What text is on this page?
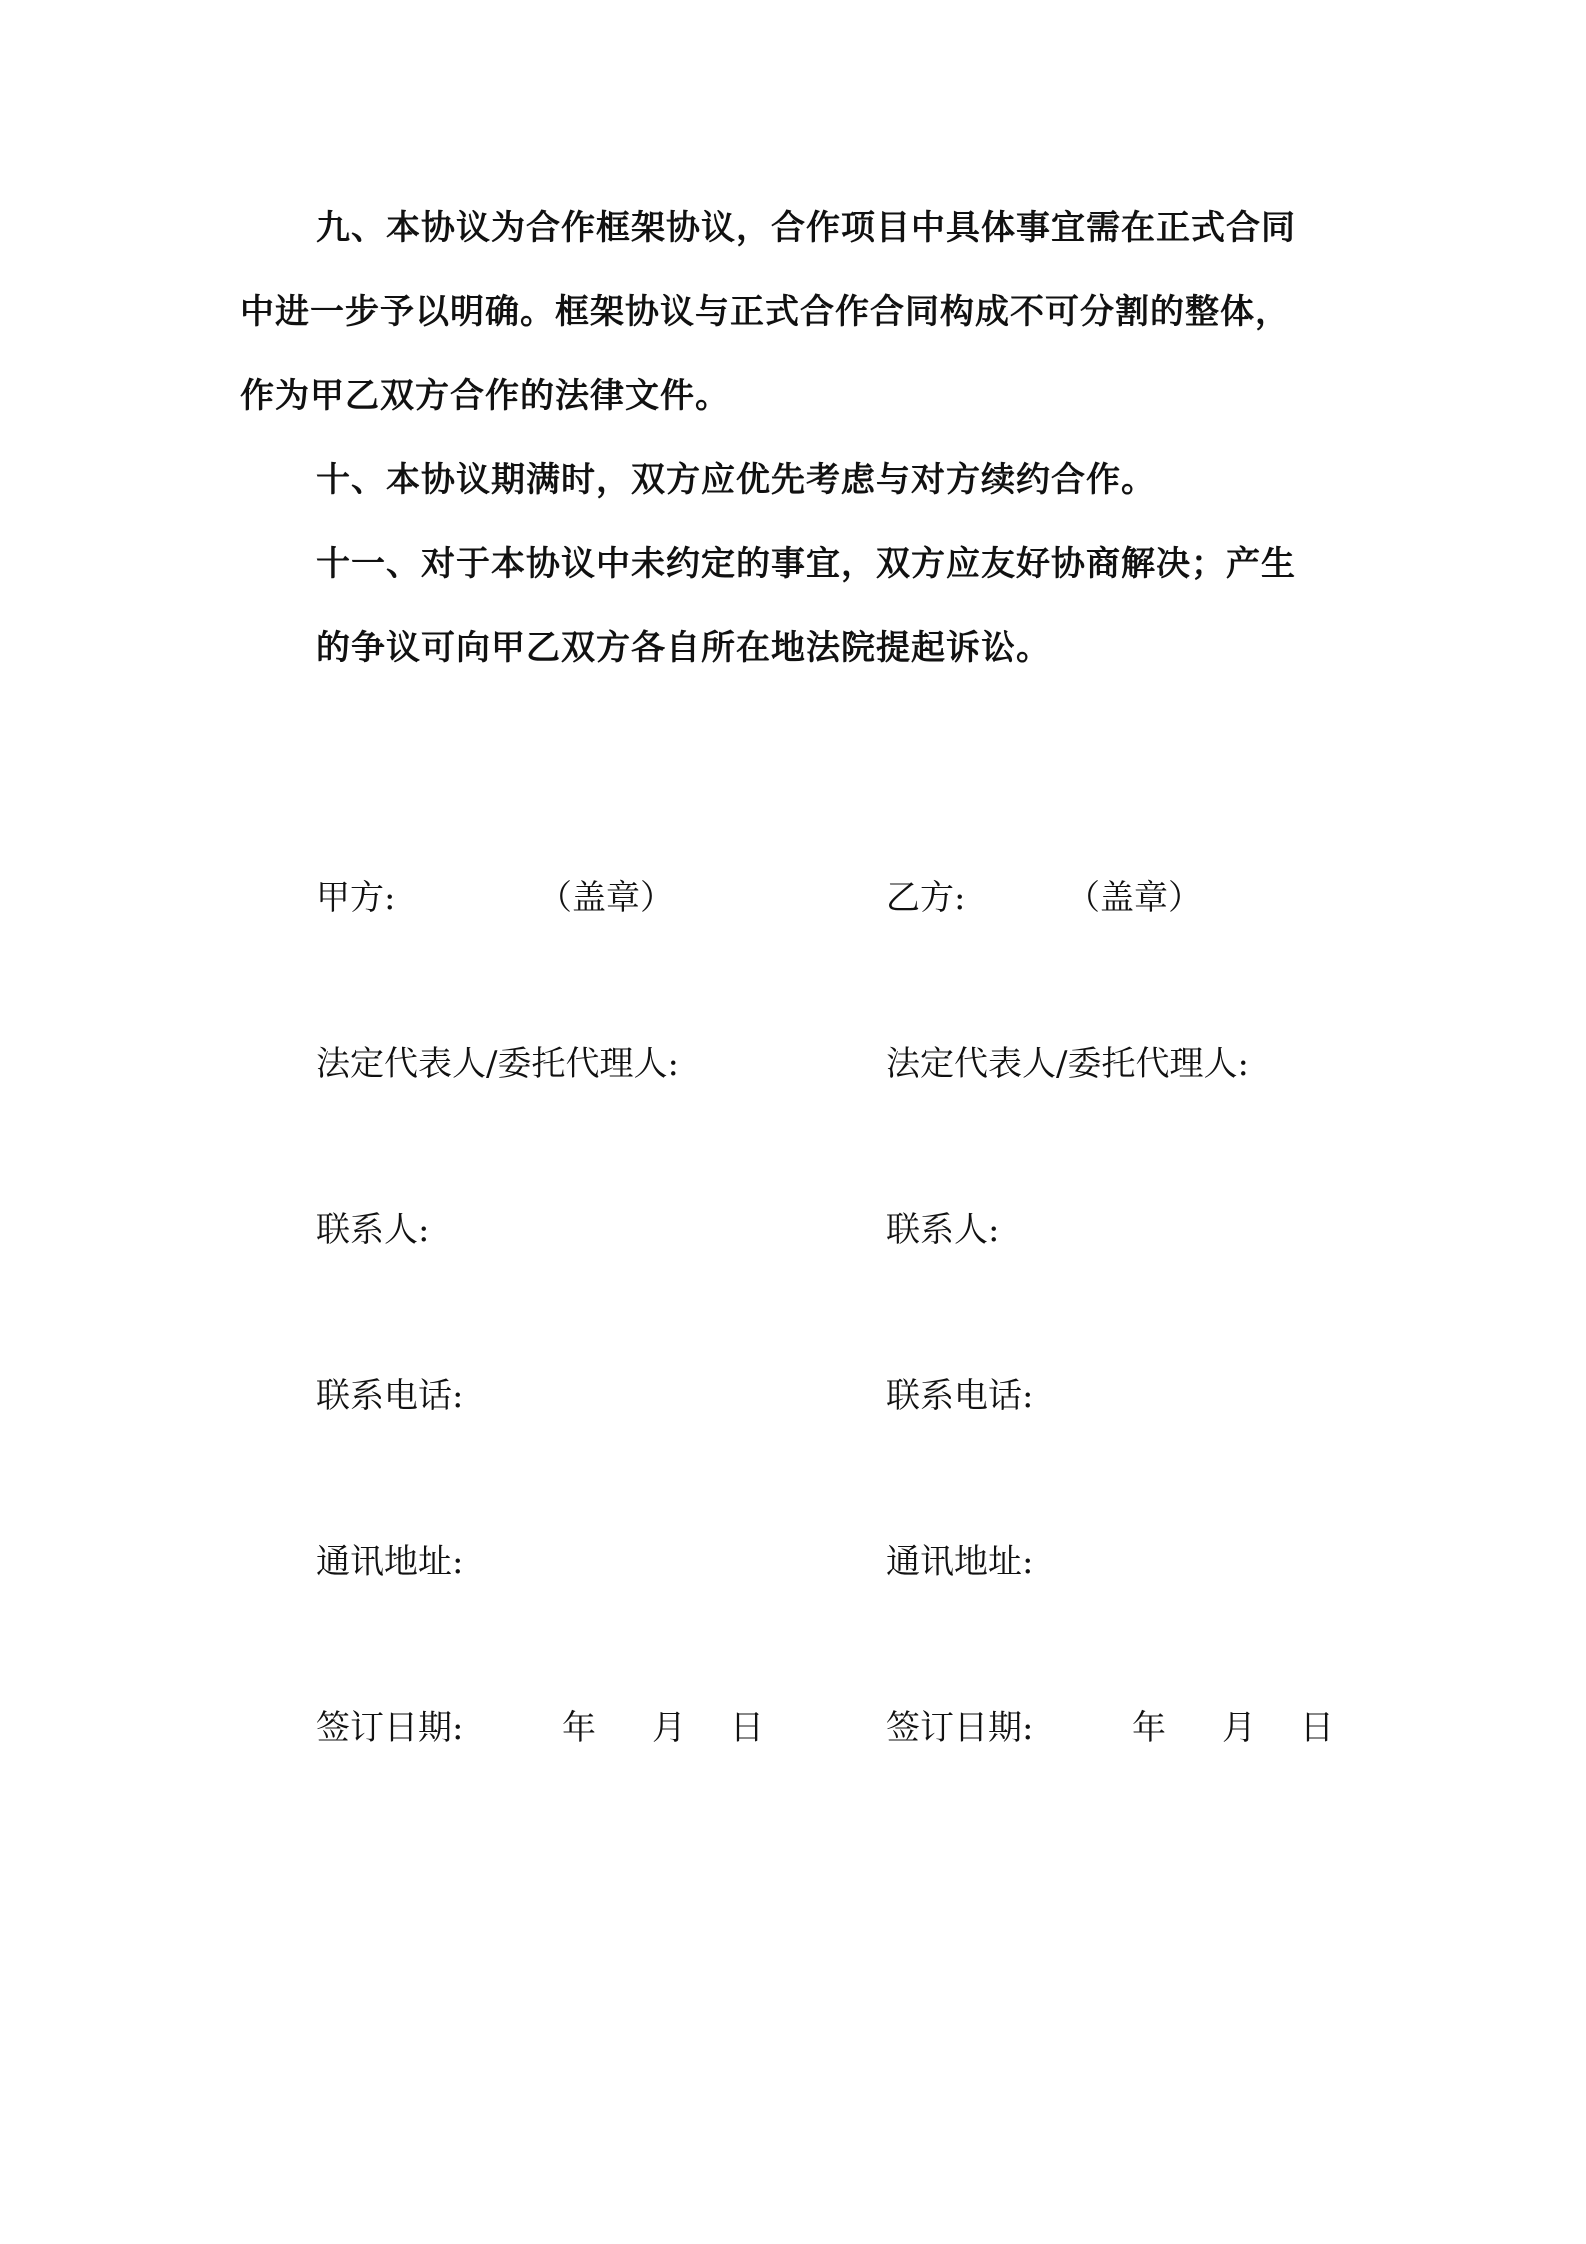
九、本协议为合作框架协议，合作项目中具体事宜需在正式合同
中进一步予以明确。框架协议与正式合作合同构成不可分割的整体，
作为甲乙双方合作的法律文件。

十、本协议期满时，双方应优先考虑与对方续约合作。

十一、对于本协议中未约定的事宜，双方应友好协商解决；产生
的争议可向甲乙双方各自所在地法院提起诉讼。

甲方:	（盖章）
法定代表人/委托代理人:
联系人:
联系电话:
通讯地址:
签订日期:	年 月 日
乙方:	（盖章）
法定代表人/委托代理人:
联系人:
联系电话:
通讯地址:
签订日期:	年 月 日
